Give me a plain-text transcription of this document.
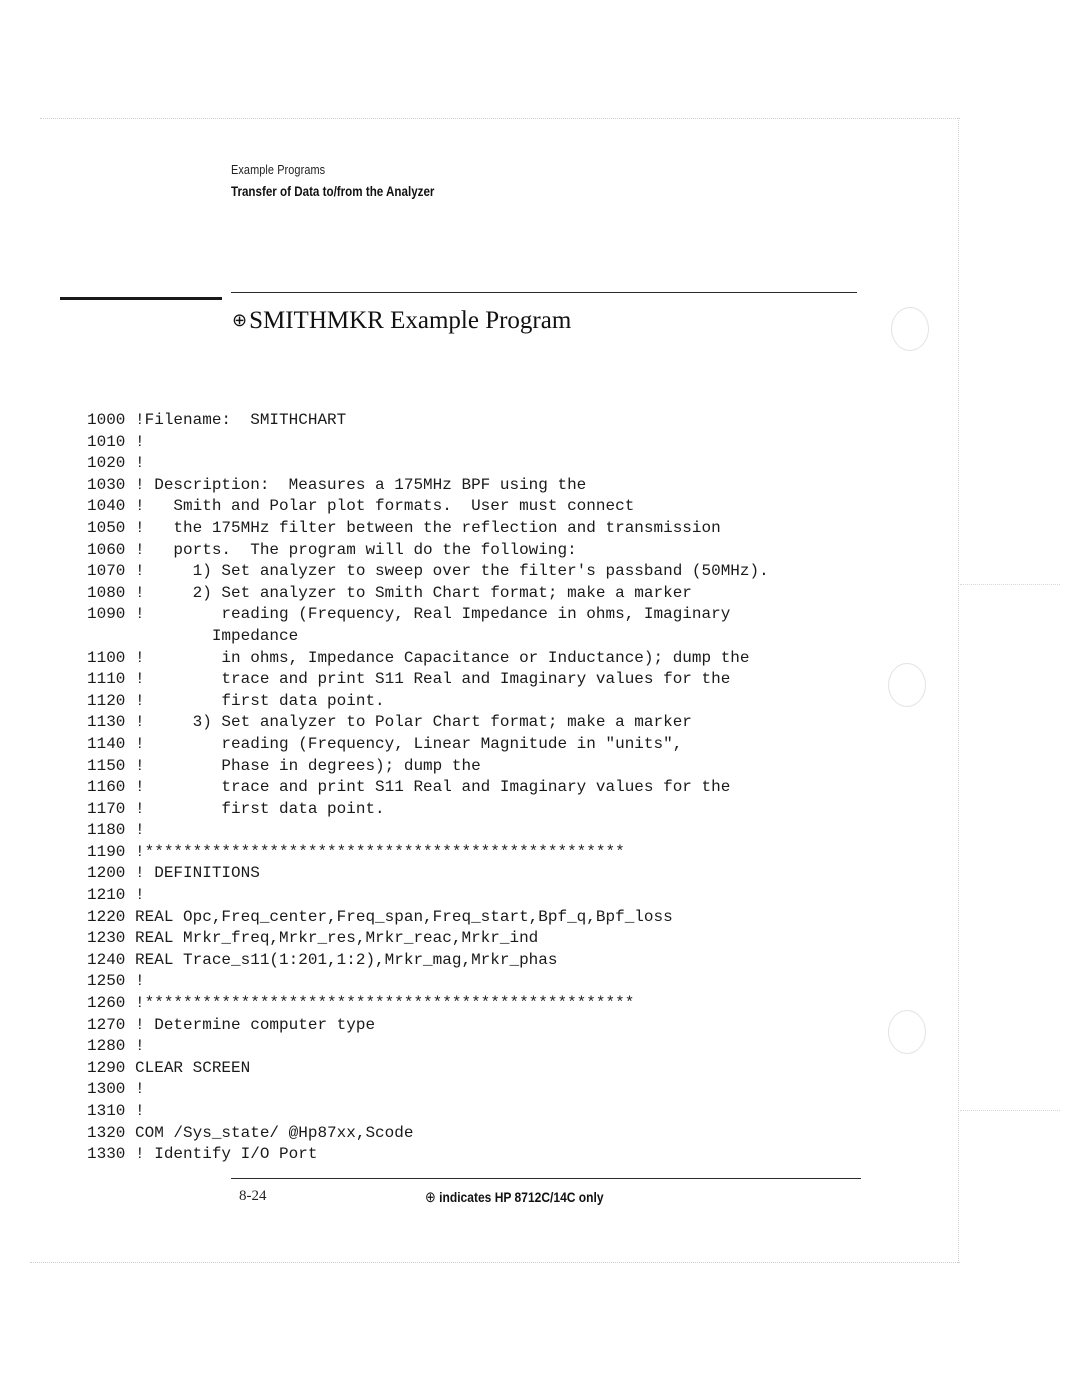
Example Programs
Transfer of Data to/from the Analyzer
⊕SMITHMKR Example Program
1000 !Filename:  SMITHCHART
1010 !
1020 !
1030 ! Description:  Measures a 175MHz BPF using the
1040 !   Smith and Polar plot formats.  User must connect
1050 !   the 175MHz filter between the reflection and transmission
1060 !   ports.  The program will do the following:
1070 !     1) Set analyzer to sweep over the filter's passband (50MHz).
1080 !     2) Set analyzer to Smith Chart format; make a marker
1090 !        reading (Frequency, Real Impedance in ohms, Imaginary
Impedance
1100 !        in ohms, Impedance Capacitance or Inductance); dump the
1110 !        trace and print S11 Real and Imaginary values for the
1120 !        first data point.
1130 !     3) Set analyzer to Polar Chart format; make a marker
1140 !        reading (Frequency, Linear Magnitude in "units",
1150 !        Phase in degrees); dump the
1160 !        trace and print S11 Real and Imaginary values for the
1170 !        first data point.
1180 !
1190 !**************************************************
1200 ! DEFINITIONS
1210 !
1220 REAL Opc,Freq_center,Freq_span,Freq_start,Bpf_q,Bpf_loss
1230 REAL Mrkr_freq,Mrkr_res,Mrkr_reac,Mrkr_ind
1240 REAL Trace_s11(1:201,1:2),Mrkr_mag,Mrkr_phas
1250 !
1260 !***************************************************
1270 ! Determine computer type
1280 !
1290 CLEAR SCREEN
1300 !
1310 !
1320 COM /Sys_state/ @Hp87xx,Scode
1330 ! Identify I/O Port
8-24	⊕ indicates HP 8712C/14C only
